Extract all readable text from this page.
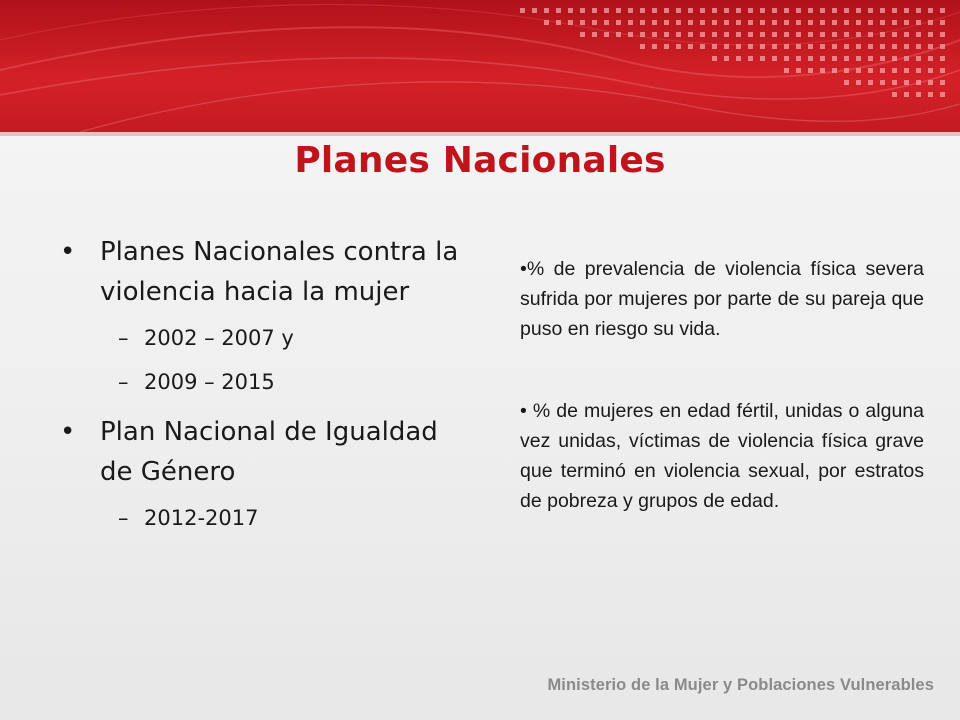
Planes Nacionales
• Planes Nacionales contra la violencia hacia la mujer
– 2002 – 2007 y
– 2009 – 2015
• Plan Nacional de Igualdad de Género
– 2012-2017

•% de prevalencia de violencia física severa sufrida por mujeres por parte de su pareja que puso en riesgo su vida.

• % de mujeres en edad fértil, unidas o alguna vez unidas, víctimas de violencia física grave que terminó en violencia sexual, por estratos de pobreza y grupos de edad.

Ministerio de la Mujer y Poblaciones Vulnerables
